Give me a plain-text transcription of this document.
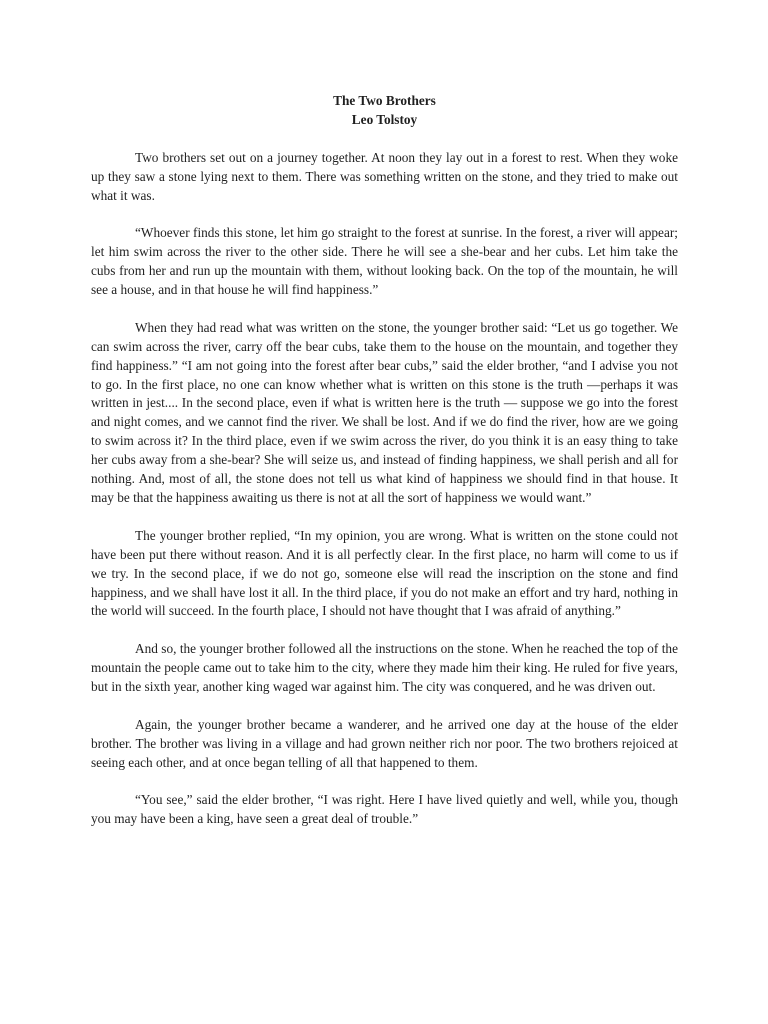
The Two Brothers

Leo Tolstoy

Two brothers set out on a journey together. At noon they lay out in a forest to rest. When they woke up they saw a stone lying next to them. There was something written on the stone, and they tried to make out what it was.

“Whoever finds this stone, let him go straight to the forest at sunrise. In the forest, a river will appear; let him swim across the river to the other side. There he will see a she-bear and her cubs. Let him take the cubs from her and run up the mountain with them, without looking back. On the top of the mountain, he will see a house, and in that house he will find happiness.”

When they had read what was written on the stone, the younger brother said: “Let us go together. We can swim across the river, carry off the bear cubs, take them to the house on the mountain, and together they find happiness.” “I am not going into the forest after bear cubs,” said the elder brother, “and I advise you not to go. In the first place, no one can know whether what is written on this stone is the truth —perhaps it was written in jest.... In the second place, even if what is written here is the truth — suppose we go into the forest and night comes, and we cannot find the river. We shall be lost. And if we do find the river, how are we going to swim across it? In the third place, even if we swim across the river, do you think it is an easy thing to take her cubs away from a she-bear? She will seize us, and instead of finding happiness, we shall perish and all for nothing. And, most of all, the stone does not tell us what kind of happiness we should find in that house. It may be that the happiness awaiting us there is not at all the sort of happiness we would want.”

The younger brother replied, “In my opinion, you are wrong. What is written on the stone could not have been put there without reason. And it is all perfectly clear. In the first place, no harm will come to us if we try. In the second place, if we do not go, someone else will read the inscription on the stone and find happiness, and we shall have lost it all. In the third place, if you do not make an effort and try hard, nothing in the world will succeed. In the fourth place, I should not have thought that I was afraid of anything.”

And so, the younger brother followed all the instructions on the stone. When he reached the top of the mountain the people came out to take him to the city, where they made him their king. He ruled for five years, but in the sixth year, another king waged war against him. The city was conquered, and he was driven out.

Again, the younger brother became a wanderer, and he arrived one day at the house of the elder brother. The brother was living in a village and had grown neither rich nor poor. The two brothers rejoiced at seeing each other, and at once began telling of all that happened to them.

“You see,” said the elder brother, “I was right. Here I have lived quietly and well, while you, though you may have been a king, have seen a great deal of trouble.”
